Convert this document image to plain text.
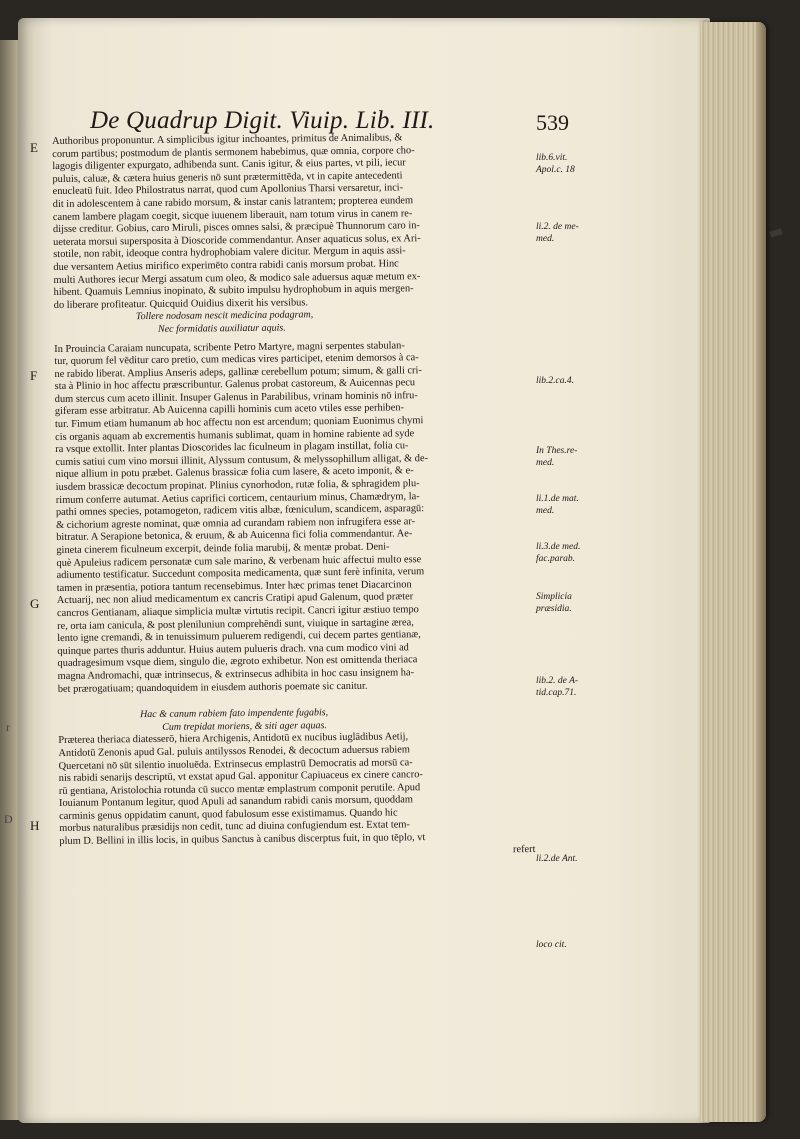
r
D
De Quadrup Digit. Viuip. Lib. III.	539
E
F
G
H
Authoribus proponuntur. A simplicibus igitur inchoantes, primitus de Animalibus, &
corum partibus; postmodum de plantis sermonem habebimus, quæ omnia, corpore cho-
lagogis diligenter expurgato, adhibenda sunt. Canis igitur, & eius partes, vt pili, iecur
puluis, caluæ, & cætera huius generis nō sunt prætermittēda, vt in capite antecedenti
enucleatū fuit. Ideo Philostratus narrat, quod cum Apollonius Tharsi versaretur, inci-
dit in adolescentem à cane rabido morsum, & instar canis latrantem; propterea eundem
canem lambere plagam coegit, sicque iuuenem liberauit, nam totum virus in canem re-
dijsse creditur. Gobius, caro Miruli, pisces omnes salsi, & præcipuè Thunnorum caro in-
ueterata morsui supersposita à Dioscoride commendantur. Anser aquaticus solus, ex Ari-
stotile, non rabit, ideoque contra hydrophobiam valere dicitur. Mergum in aquis assi-
due versantem Aetius mirifico experimēto contra rabidi canis morsum probat. Hinc
multi Authores iecur Mergi assatum cum oleo, & modico sale aduersus aquæ metum ex-
hibent. Quamuis Lemnius inopinato, & subito impulsu hydrophobum in aquis mergen-
do liberare profiteatur. Quicquid Ouidius dixerit his versibus.
Tollere nodosam nescit medicina podagram,
Nec formidatis auxiliatur aquis.
In Prouincia Caraiam nuncupata, scribente Petro Martyre, magni serpentes stabulan-
tur, quorum fel vēditur caro pretio, cum medicas vires participet, etenim demorsos à ca-
ne rabido liberat. Amplius Anseris adeps, gallinæ cerebellum potum; simum, & galli cri-
sta à Plinio in hoc affectu præscribuntur. Galenus probat castoreum, & Auicennas pecu
dum stercus cum aceto illinit. Insuper Galenus in Parabilibus, vrinam hominis nō infru-
giferam esse arbitratur. Ab Auicenna capilli hominis cum aceto vtiles esse perhiben-
tur. Fimum etiam humanum ab hoc affectu non est arcendum; quoniam Euonimus chymi
cis organis aquam ab excrementis humanis sublimat, quam in homine rabiente ad syde
ra vsque extollit. Inter plantas Dioscorides lac ficulneum in plagam instillat, folia cu-
cumis satiui cum vino morsui illinit, Alyssum contusum, & melyssophillum alligat, & de-
nique allium in potu præbet. Galenus brassicæ folia cum lasere, & aceto imponit, & e-
iusdem brassicæ decoctum propinat. Plinius cynorhodon, rutæ folia, & sphragidem plu-
rimum conferre autumat. Aetius caprifici corticem, centaurium minus, Chamædrym, la-
pathi omnes species, potamogeton, radicem vitis albæ, fœniculum, scandicem, asparagū:
& cichorium agreste nominat, quæ omnia ad curandam rabiem non infrugifera esse ar-
bitratur. A Serapione betonica, & eruum, & ab Auicenna fici folia commendantur. Ae-
gineta cinerem ficulneum excerpit, deinde folia marubij, & mentæ probat. Deni-
què Apuleius radicem personatæ cum sale marino, & verbenam huic affectui multo esse
adiumento testificatur. Succedunt composita medicamenta, quæ sunt ferè infinita, verum
tamen in præsentia, potiora tantum recensebimus. Inter hæc primas tenet Diacarcinon
Actuarij, nec non aliud medicamentum ex cancris Cratipi apud Galenum, quod præter
cancros Gentianam, aliaque simplicia multæ virtutis recipit. Cancri igitur æstiuo tempo
re, orta iam canicula, & post pleniluniun comprehēndi sunt, viuique in sartagine ærea,
lento igne cremandi, & in tenuissimum puluerem redigendi, cui decem partes gentianæ,
quinque partes thuris adduntur. Huius autem pulueris drach. vna cum modico vini ad
quadragesimum vsque diem, singulo die, ægroto exhibetur. Non est omittenda theriaca
magna Andromachi, quæ intrinsecus, & extrinsecus adhibita in hoc casu insignem ha-
bet prærogatiuam; quandoquidem in eiusdem authoris poemate sic canitur.
Hac & canum rabiem fato impendente fugabis,
Cum trepidat moriens, & siti ager aquas.
Præterea theriaca diatesserō, hiera Archigenis, Antidotū ex nucibus iuglādibus Aetij,
Antidotū Zenonis apud Gal. puluis antilyssos Renodei, & decoctum aduersus rabiem
Quercetani nō sūt silentio inuoluēda. Extrinsecus emplastrū Democratis ad morsū ca-
nis rabidi senarijs descriptū, vt exstat apud Gal. apponitur Capiuaceus ex cinere cancro-
rū gentiana, Aristolochia rotunda cū succo mentæ emplastrum componit perutile. Apud
Iouianum Pontanum legitur, quod Apuli ad sanandum rabidi canis morsum, quoddam
carminis genus oppidatim canunt, quod fabulosum esse existimamus. Quando hic
morbus naturalibus præsidijs non cedit, tunc ad diuina confugiendum est. Extat tem-
plum D. Bellini in illis locis, in quibus Sanctus à canibus discerptus fuit, in quo tēplo, vt
refert
lib.6.vit.
Apol.c. 18
li.2. de me-
med.
lib.2.ca.4.
In Thes.re-
med.
li.1.de mat.
med.
li.3.de med.
fac.parab.
Simplicia
præsidia.
lib.2. de A-
tid.cap.71.
li.2.de Ant.
loco cit.
